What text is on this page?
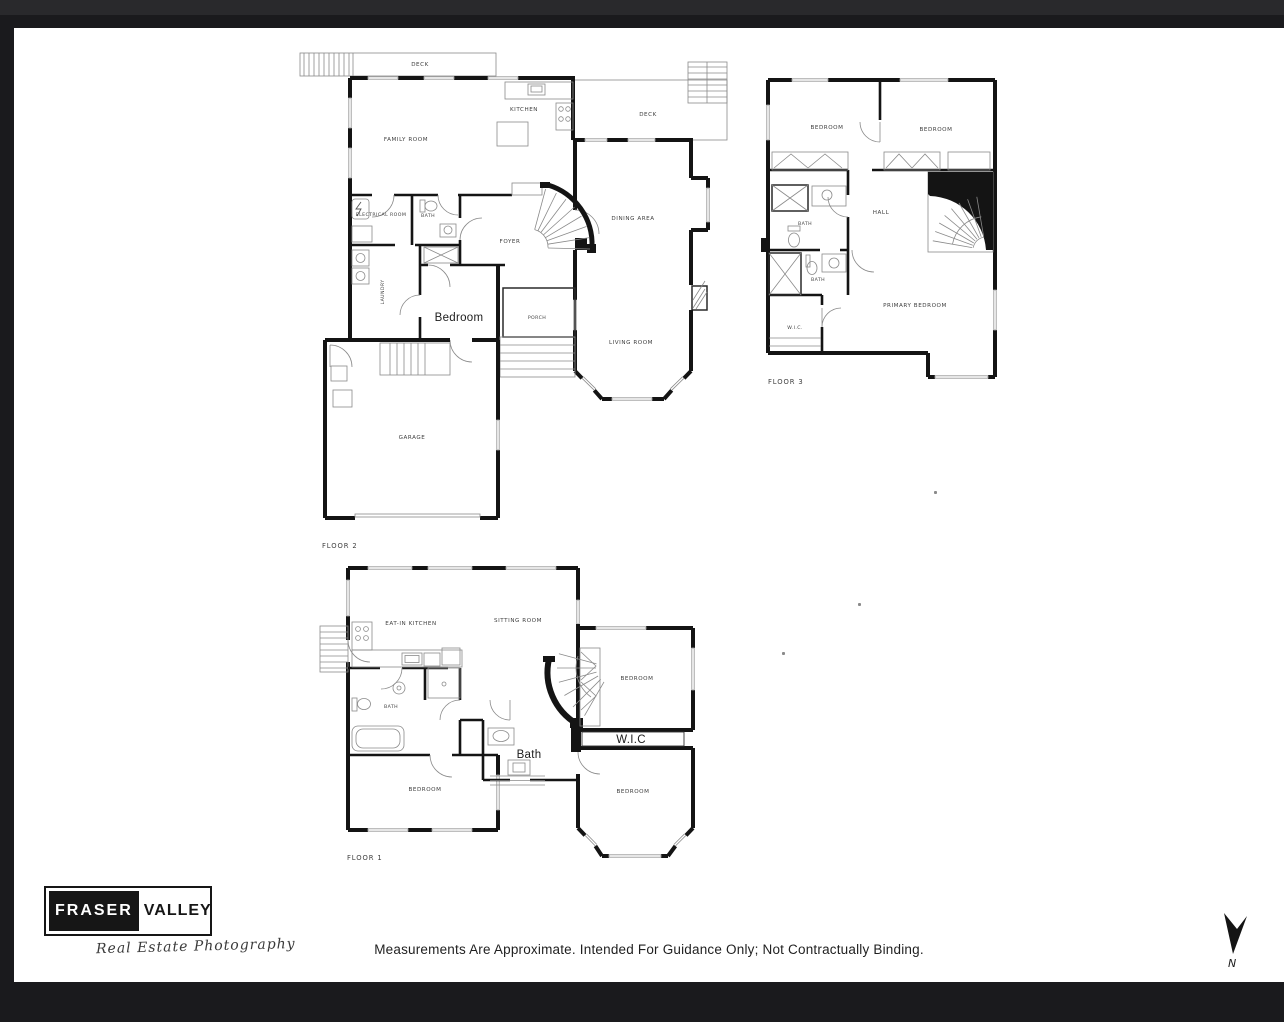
DECK
KITCHEN
FAMILY ROOM
DECK
DINING AREA
ELECTRICAL ROOM	BATH
FOYER
LAUNDRY
Bedroom	PORCH
LIVING ROOM
GARAGE
FLOOR 2
BEDROOM	BEDROOM
BATH
HALL
BATH
W.I.C.
PRIMARY BEDROOM
FLOOR 3
EAT-IN KITCHEN	SITTING ROOM
BATH
BEDROOM
Bath
W.I.C
BEDROOM	BEDROOM
FLOOR 1
FRASER VALLEY
Real Estate Photography	Measurements Are Approximate. Intended For Guidance Only; Not Contractually Binding.
N
